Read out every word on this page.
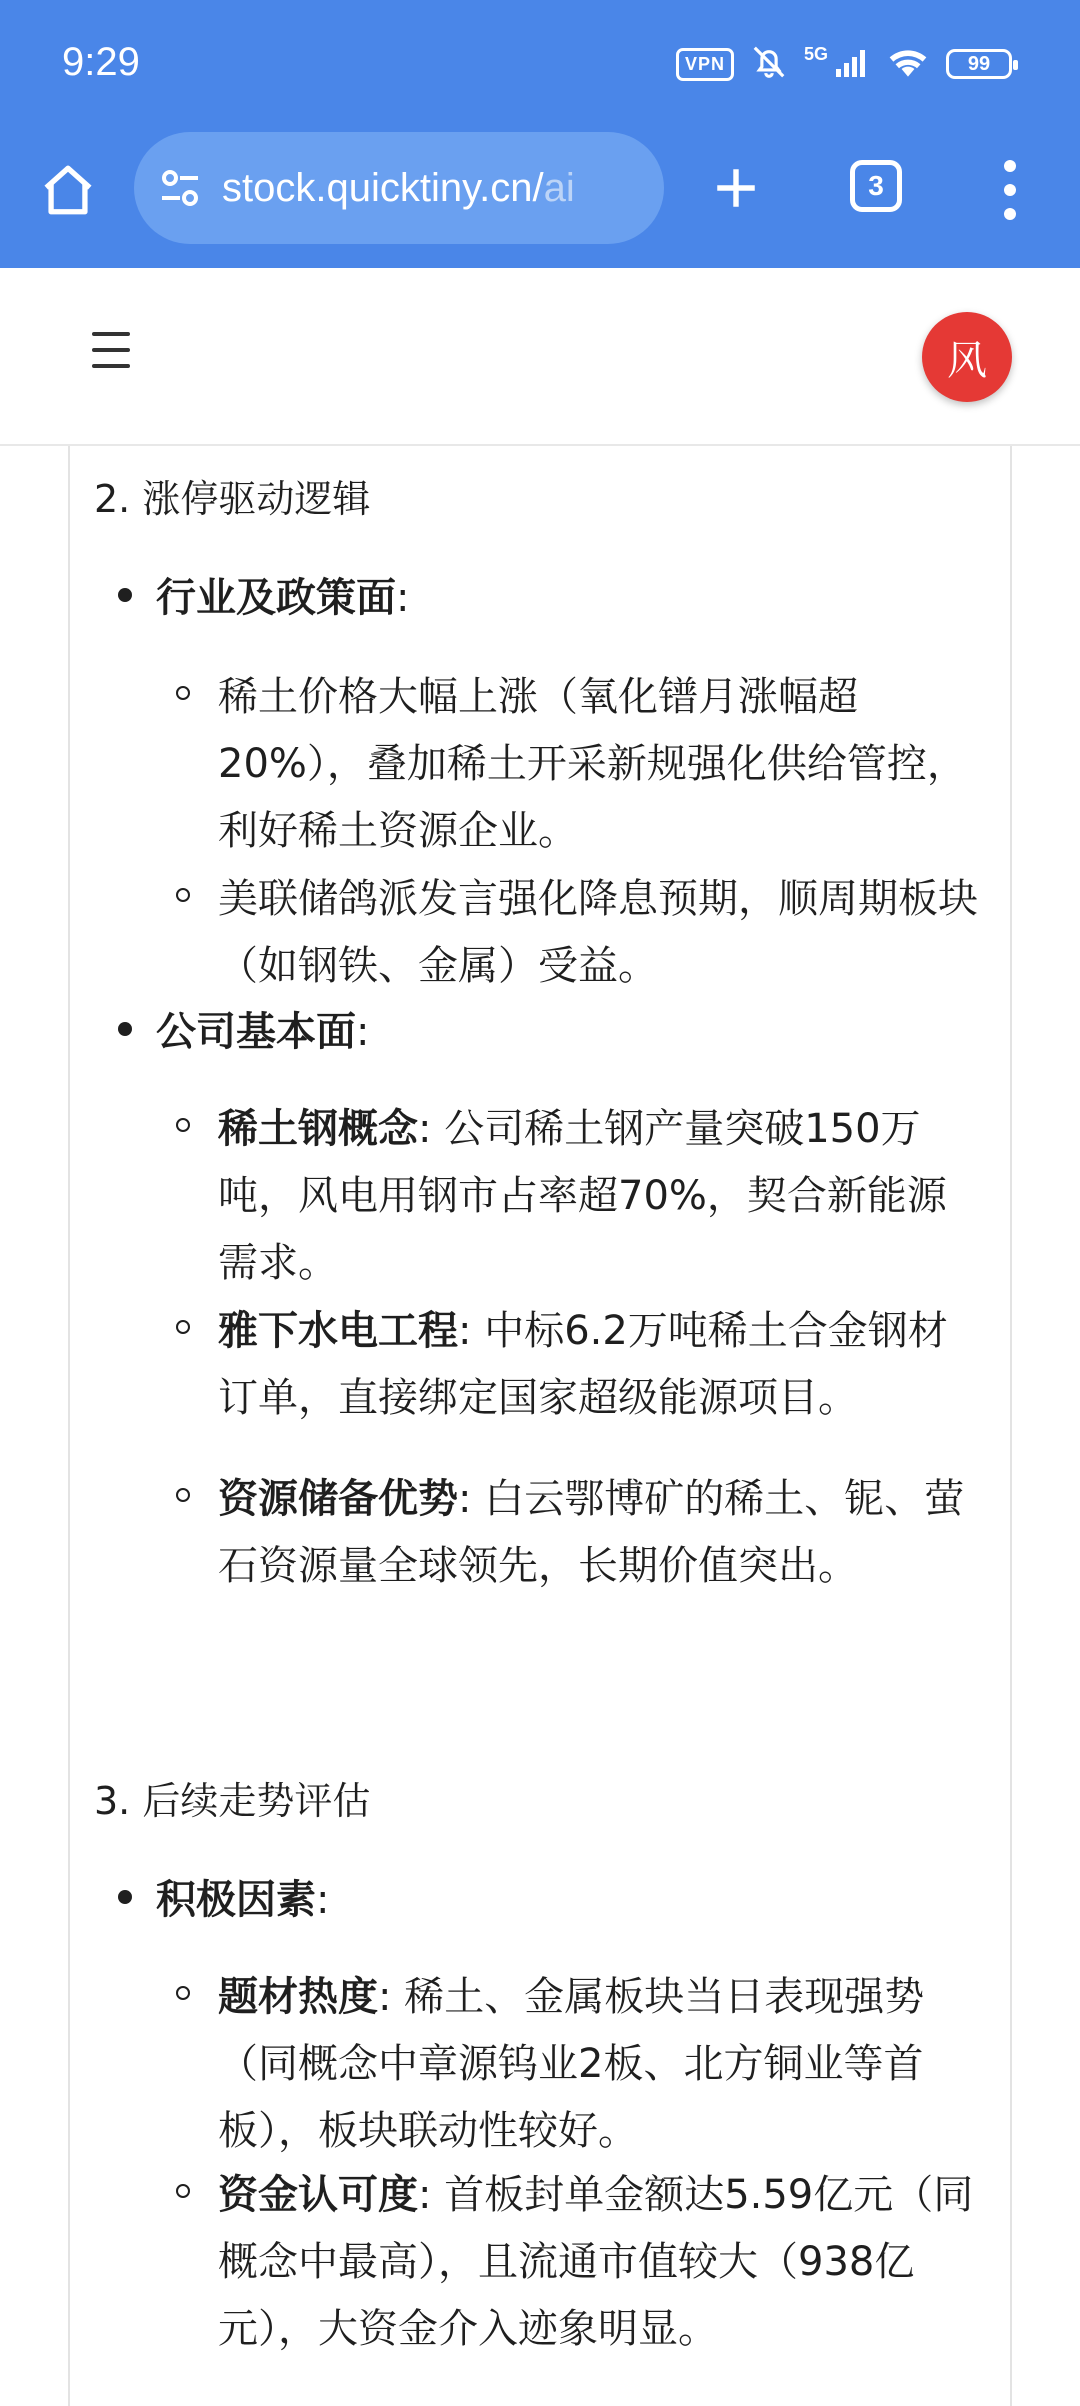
9:29	VPN	5G	99
stock.quicktiny.cn/ai	3
风
2. 涨停驱动逻辑
行业及政策面:
稀土价格大幅上涨（氧化镨月涨幅超20%），叠加稀土开采新规强化供给管控，利好稀土资源企业。
美联储鸽派发言强化降息预期，顺周期板块（如钢铁、金属）受益。
公司基本面:
稀土钢概念: 公司稀土钢产量突破150万吨，风电用钢市占率超70%，契合新能源需求。
雅下水电工程: 中标6.2万吨稀土合金钢材订单，直接绑定国家超级能源项目。
资源储备优势: 白云鄂博矿的稀土、铌、萤石资源量全球领先，长期价值突出。
3. 后续走势评估
积极因素:
题材热度: 稀土、金属板块当日表现强势（同概念中章源钨业2板、北方铜业等首板），板块联动性较好。
资金认可度: 首板封单金额达5.59亿元（同概念中最高），且流通市值较大（938亿元），大资金介入迹象明显。
